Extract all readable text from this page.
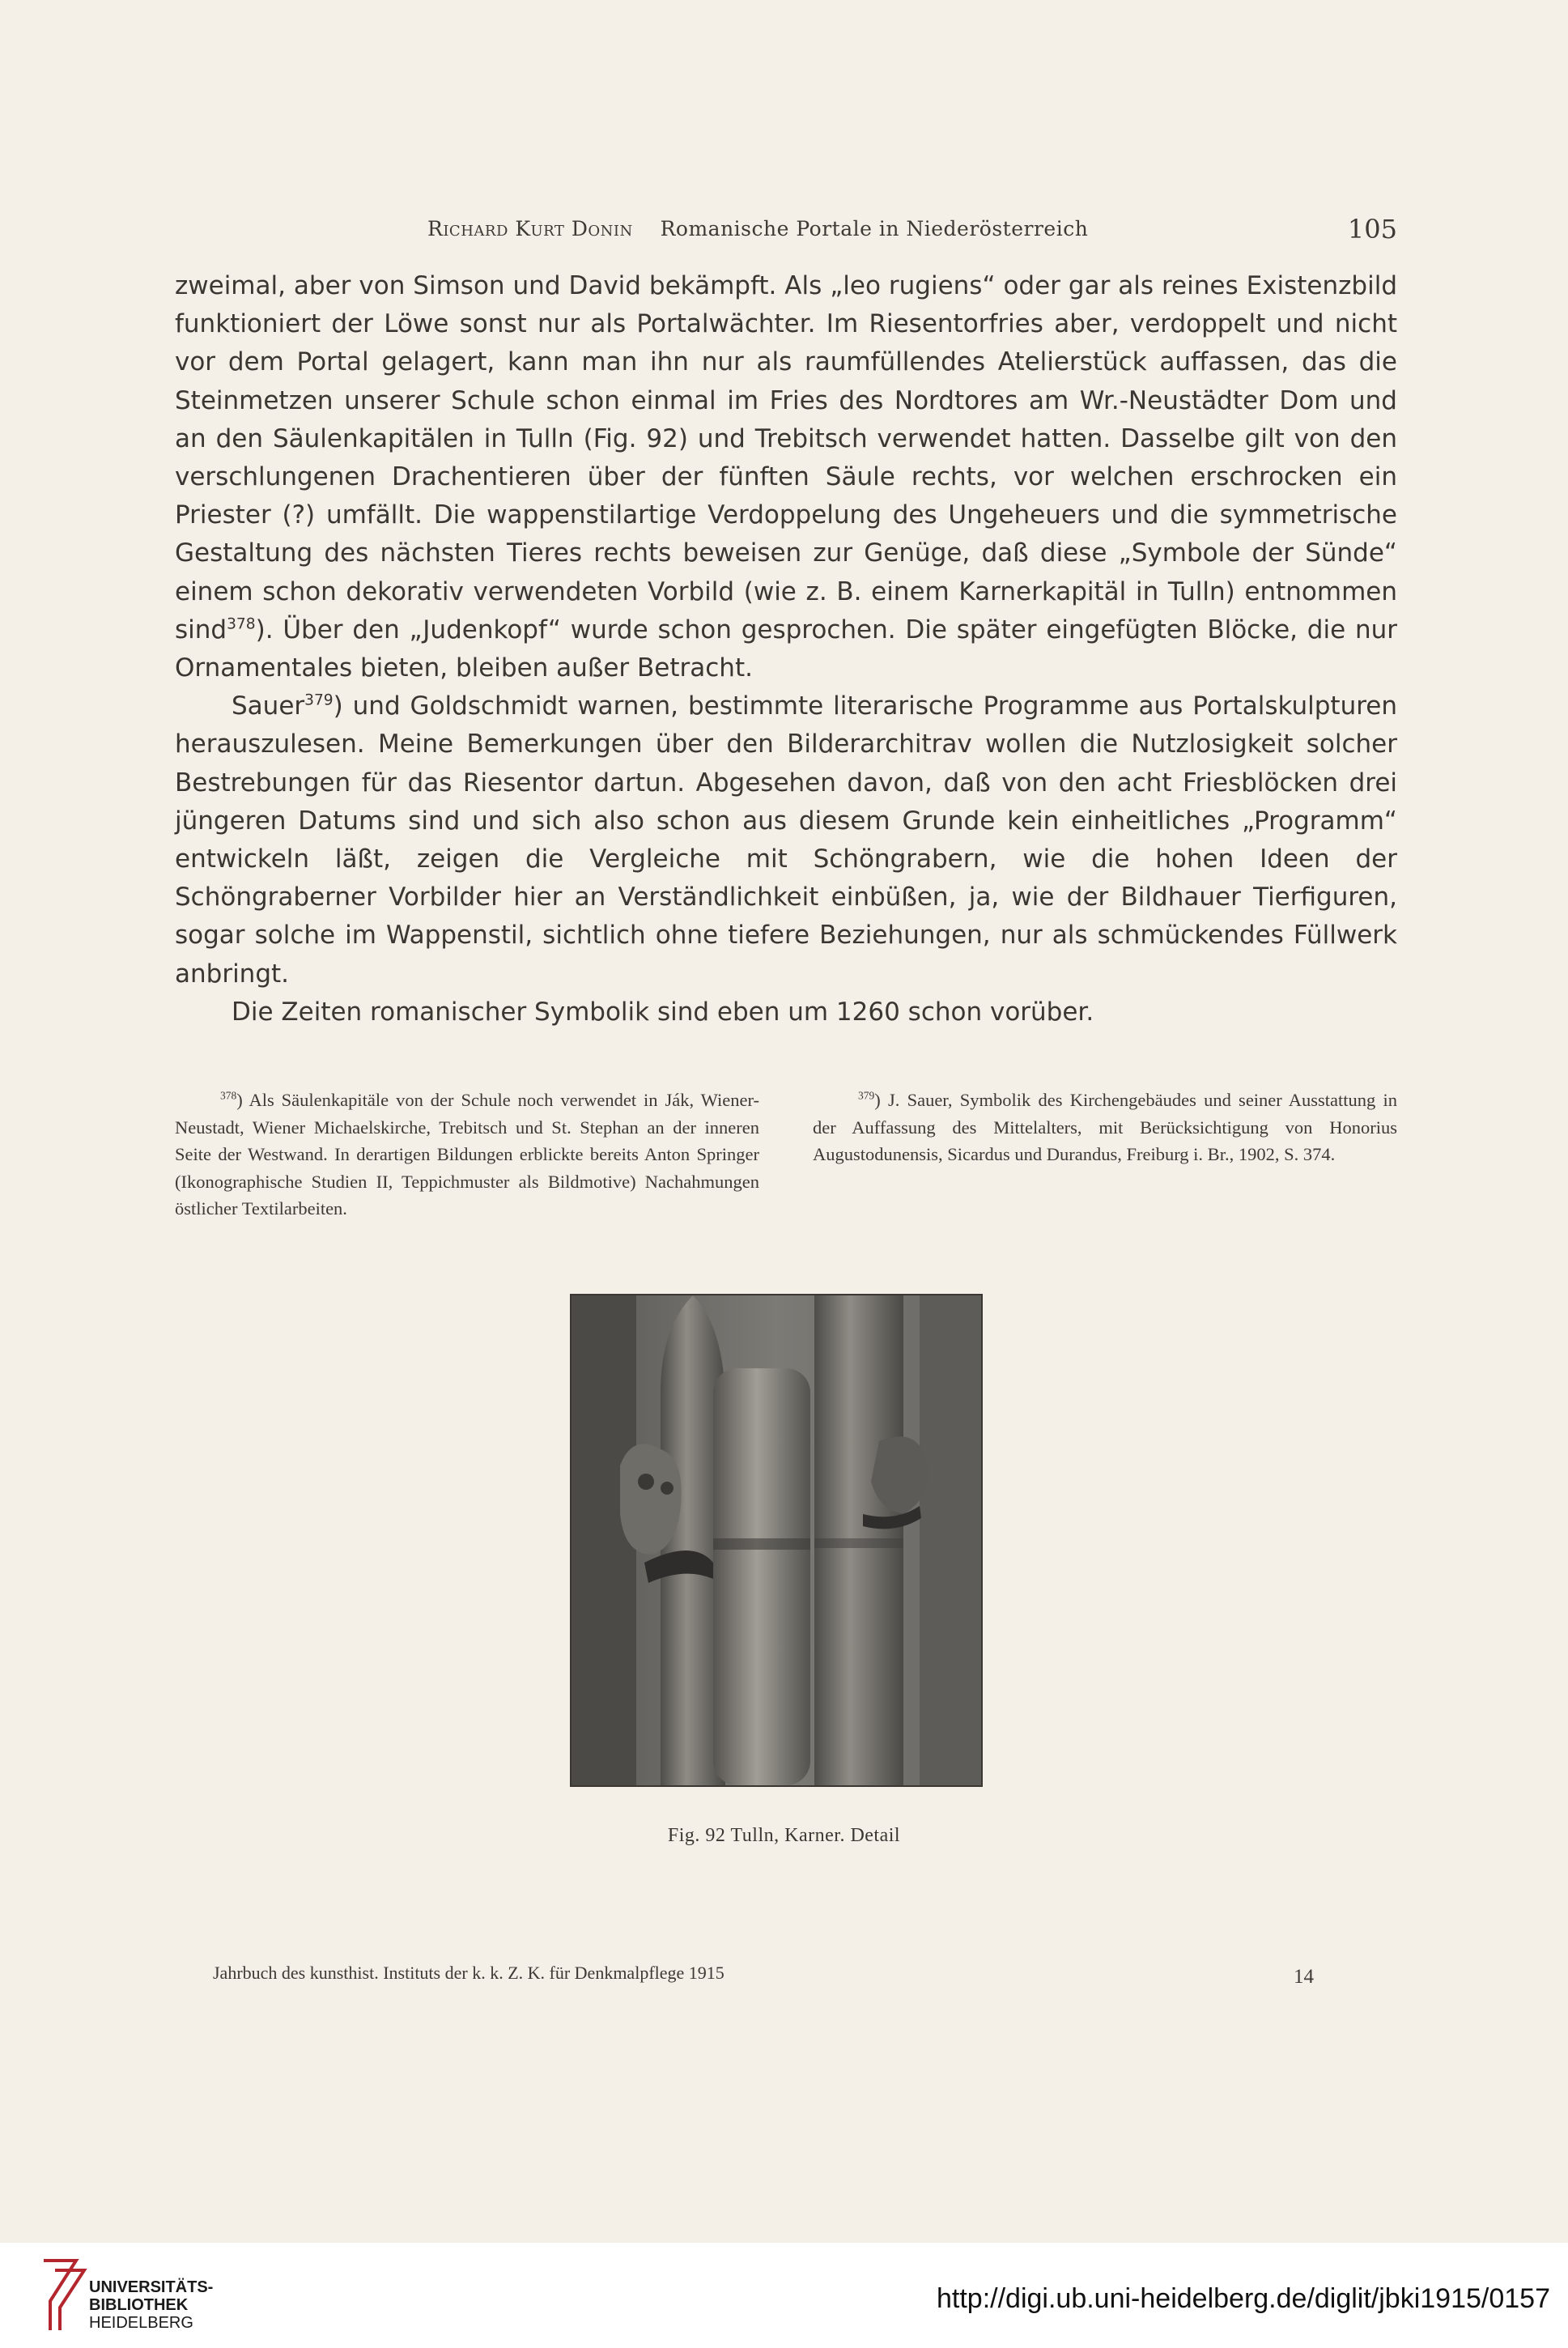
Richard Kurt Donin Romanische Portale in Niederösterreich	105

zweimal, aber von Simson und David bekämpft. Als „leo rugiens“ oder gar als reines Existenzbild funktioniert der Löwe sonst nur als Portalwächter. Im Riesentorfries aber, verdoppelt und nicht vor dem Portal gelagert, kann man ihn nur als raumfüllendes Atelierstück auffassen, das die Steinmetzen unserer Schule schon einmal im Fries des Nordtores am Wr.-Neustädter Dom und an den Säulenkapitälen in Tulln (Fig. 92) und Trebitsch verwendet hatten. Dasselbe gilt von den verschlungenen Drachentieren über der fünften Säule rechts, vor welchen erschrocken ein Priester (?) umfällt. Die wappenstilartige Verdoppelung des Ungeheuers und die symmetrische Gestaltung des nächsten Tieres rechts beweisen zur Genüge, daß diese „Symbole der Sünde“ einem schon dekorativ verwendeten Vorbild (wie z. B. einem Karnerkapitäl in Tulln) entnommen sind$^{378}$). Über den „Judenkopf“ wurde schon gesprochen. Die später eingefügten Blöcke, die nur Ornamentales bieten, bleiben außer Betracht.

Sauer$^{379}$) und Goldschmidt warnen, bestimmte literarische Programme aus Portalskulpturen herauszulesen. Meine Bemerkungen über den Bilderarchitrav wollen die Nutzlosigkeit solcher Bestrebungen für das Riesentor dartun. Abgesehen davon, daß von den acht Friesblöcken drei jüngeren Datums sind und sich also schon aus diesem Grunde kein einheitliches „Programm“ entwickeln läßt, zeigen die Vergleiche mit Schöngrabern, wie die hohen Ideen der Schöngraberner Vorbilder hier an Verständlichkeit einbüßen, ja, wie der Bildhauer Tierfiguren, sogar solche im Wappenstil, sichtlich ohne tiefere Beziehungen, nur als schmückendes Füllwerk anbringt.

Die Zeiten romanischer Symbolik sind eben um 1260 schon vorüber.

$^{378}$) Als Säulenkapitäle von der Schule noch verwendet in Ják, Wiener-Neustadt, Wiener Michaelskirche, Trebitsch und St. Stephan an der inneren Seite der Westwand. In derartigen Bildungen erblickte bereits Anton Springer (Ikonographische Studien II, Teppichmuster als Bildmotive) Nachahmungen östlicher Textilarbeiten.

$^{379}$) J. Sauer, Symbolik des Kirchengebäudes und seiner Ausstattung in der Auffassung des Mittelalters, mit Berücksichtigung von Honorius Augustodunensis, Sicardus und Durandus, Freiburg i. Br., 1902, S. 374.

Fig. 92 Tulln, Karner. Detail
Jahrbuch des kunsthist. Instituts der k. k. Z. K. für Denkmalpflege 1915	14
UNIVERSITÄTS-
BIBLIOTHEK
HEIDELBERG
http://digi.ub.uni-heidelberg.de/diglit/jbki1915/0157
